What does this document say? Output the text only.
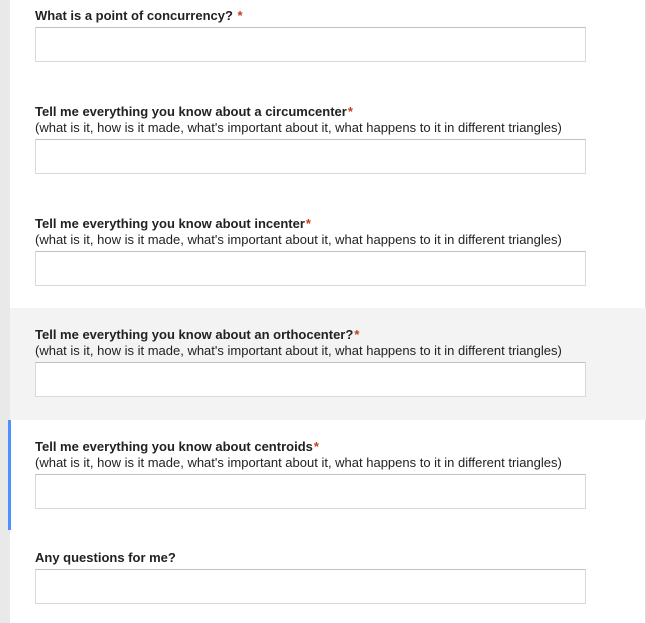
What is a point of concurrency? *
Tell me everything you know about a circumcenter*
(what is it, how is it made, what's important about it, what happens to it in different triangles)
Tell me everything you know about incenter*
(what is it, how is it made, what's important about it, what happens to it in different triangles)
Tell me everything you know about an orthocenter?*
(what is it, how is it made, what's important about it, what happens to it in different triangles)
Tell me everything you know about centroids*
(what is it, how is it made, what's important about it, what happens to it in different triangles)
Any questions for me?
